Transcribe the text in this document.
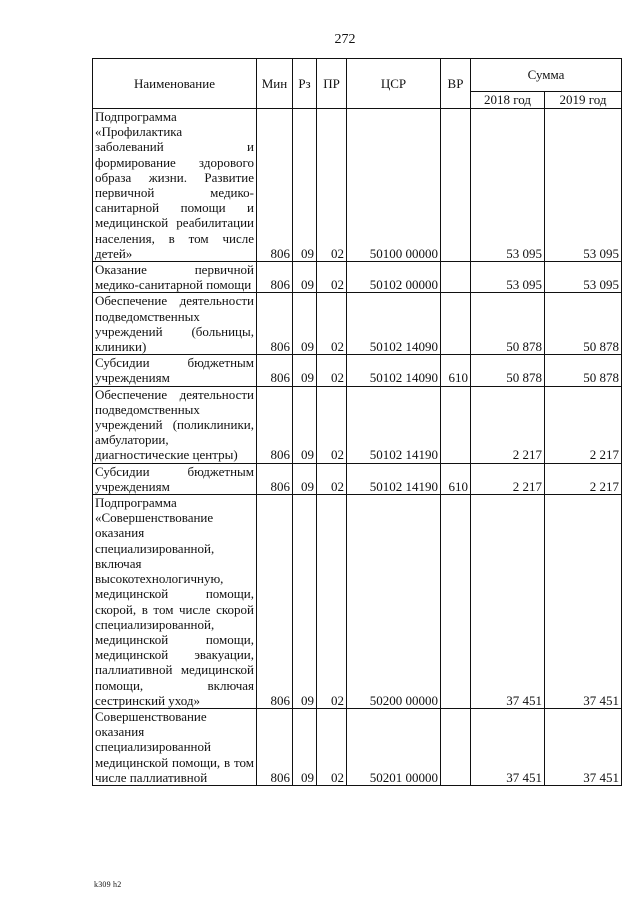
272
Наименование	Мин	Рз	ПР	ЦСР	ВР	Сумма	
						2018 год	2019 год
Подпрограмма «Профилактика заболеваний и формирование здорового образа жизни. Развитие первичной медико-санитарной помощи и медицинской реабилитации населения, в том числе детей»	806	09	02	50100 00000		53 095	53 095
Оказание первичной медико-санитарной помощи	806	09	02	50102 00000		53 095	53 095
Обеспечение деятельности подведомственных учреждений (больницы, клиники)	806	09	02	50102 14090		50 878	50 878
Субсидии бюджетным учреждениям	806	09	02	50102 14090	610	50 878	50 878
Обеспечение деятельности подведомственных учреждений (поликлиники, амбулатории, диагностические центры)	806	09	02	50102 14190		2 217	2 217
Субсидии бюджетным учреждениям	806	09	02	50102 14190	610	2 217	2 217
Подпрограмма «Совершенствование оказания специализированной, включая высокотехнологичную, медицинской помощи, скорой, в том числе скорой специализированной, медицинской помощи, медицинской эвакуации, паллиативной медицинской помощи, включая сестринский уход»	806	09	02	50200 00000		37 451	37 451
Совершенствование оказания специализированной медицинской помощи, в том числе паллиативной	806	09	02	50201 00000		37 451	37 451
k309 h2
